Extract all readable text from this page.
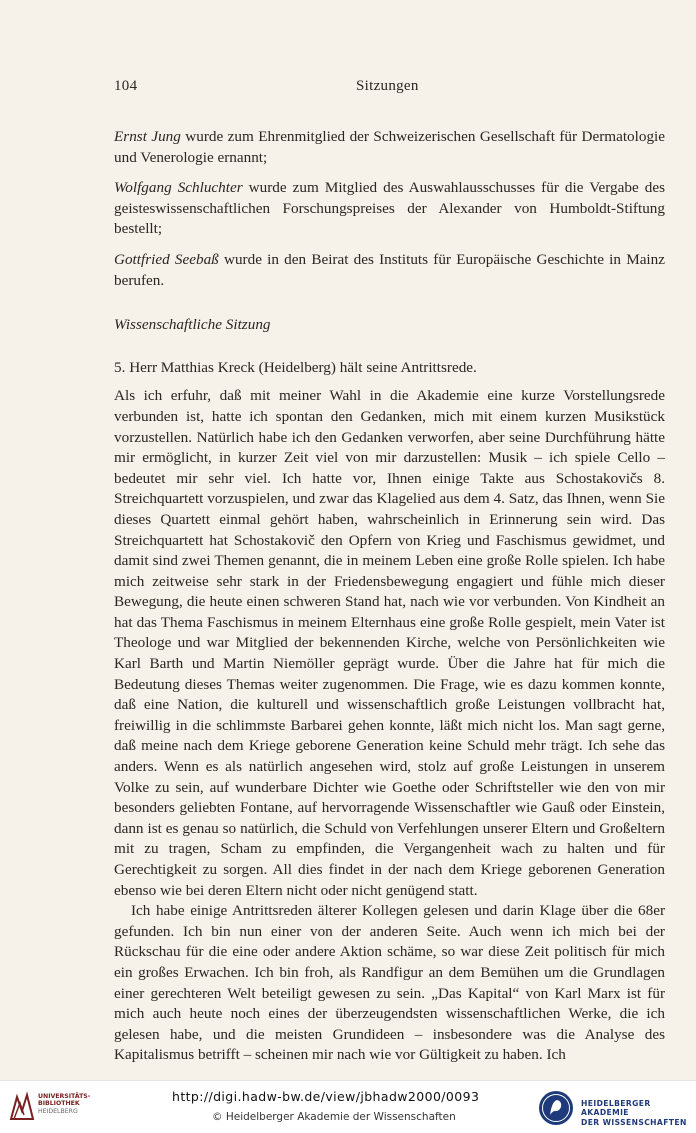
104	Sitzungen

Ernst Jung wurde zum Ehrenmitglied der Schweizerischen Gesellschaft für Dermatologie und Venerologie ernannt;

Wolfgang Schluchter wurde zum Mitglied des Auswahlausschusses für die Vergabe des geisteswissenschaftlichen Forschungspreises der Alexander von Humboldt-Stiftung bestellt;

Gottfried Seebaß wurde in den Beirat des Instituts für Europäische Geschichte in Mainz berufen.

Wissenschaftliche Sitzung

5. Herr Matthias Kreck (Heidelberg) hält seine Antrittsrede.

Als ich erfuhr, daß mit meiner Wahl in die Akademie eine kurze Vorstellungsrede verbunden ist, hatte ich spontan den Gedanken, mich mit einem kurzen Musikstück vorzustellen. Natürlich habe ich den Gedanken verworfen, aber seine Durchführung hätte mir ermöglicht, in kurzer Zeit viel von mir darzustellen: Musik – ich spiele Cello – bedeutet mir sehr viel. Ich hatte vor, Ihnen einige Takte aus Schostakovičs 8. Streichquartett vorzuspielen, und zwar das Klagelied aus dem 4. Satz, das Ihnen, wenn Sie dieses Quartett einmal gehört haben, wahrscheinlich in Erinnerung sein wird. Das Streichquartett hat Schostakovič den Opfern von Krieg und Faschismus gewidmet, und damit sind zwei Themen genannt, die in meinem Leben eine große Rolle spielen. Ich habe mich zeitweise sehr stark in der Friedensbewegung engagiert und fühle mich dieser Bewegung, die heute einen schweren Stand hat, nach wie vor verbunden. Von Kindheit an hat das Thema Faschismus in meinem Elternhaus eine große Rolle gespielt, mein Vater ist Theologe und war Mitglied der bekennenden Kirche, welche von Persönlichkeiten wie Karl Barth und Martin Niemöller geprägt wurde. Über die Jahre hat für mich die Bedeutung dieses Themas weiter zugenommen. Die Frage, wie es dazu kommen konnte, daß eine Nation, die kulturell und wissenschaftlich große Leistungen vollbracht hat, freiwillig in die schlimmste Barbarei gehen konnte, läßt mich nicht los. Man sagt gerne, daß meine nach dem Kriege geborene Generation keine Schuld mehr trägt. Ich sehe das anders. Wenn es als natürlich angesehen wird, stolz auf große Leistungen in unserem Volke zu sein, auf wunderbare Dichter wie Goethe oder Schriftsteller wie den von mir besonders geliebten Fontane, auf hervorragende Wissenschaftler wie Gauß oder Einstein, dann ist es genau so natürlich, die Schuld von Verfehlungen unserer Eltern und Großeltern mit zu tragen, Scham zu empfinden, die Vergangenheit wach zu halten und für Gerechtigkeit zu sorgen. All dies findet in der nach dem Kriege geborenen Generation ebenso wie bei deren Eltern nicht oder nicht genügend statt.

Ich habe einige Antrittsreden älterer Kollegen gelesen und darin Klage über die 68er gefunden. Ich bin nun einer von der anderen Seite. Auch wenn ich mich bei der Rückschau für die eine oder andere Aktion schäme, so war diese Zeit politisch für mich ein großes Erwachen. Ich bin froh, als Randfigur an dem Bemühen um die Grundlagen einer gerechteren Welt beteiligt gewesen zu sein. „Das Kapital“ von Karl Marx ist für mich auch heute noch eines der überzeugendsten wissenschaftlichen Werke, die ich gelesen habe, und die meisten Grundideen – insbesondere was die Analyse des Kapitalismus betrifft – scheinen mir nach wie vor Gültigkeit zu haben. Ich

UNIVERSITÄTS-
BIBLIOTHEK
HEIDELBERG
http://digi.hadw-bw.de/view/jbhadw2000/0093
© Heidelberger Akademie der Wissenschaften
HEIDELBERGER AKADEMIE
DER WISSENSCHAFTEN
